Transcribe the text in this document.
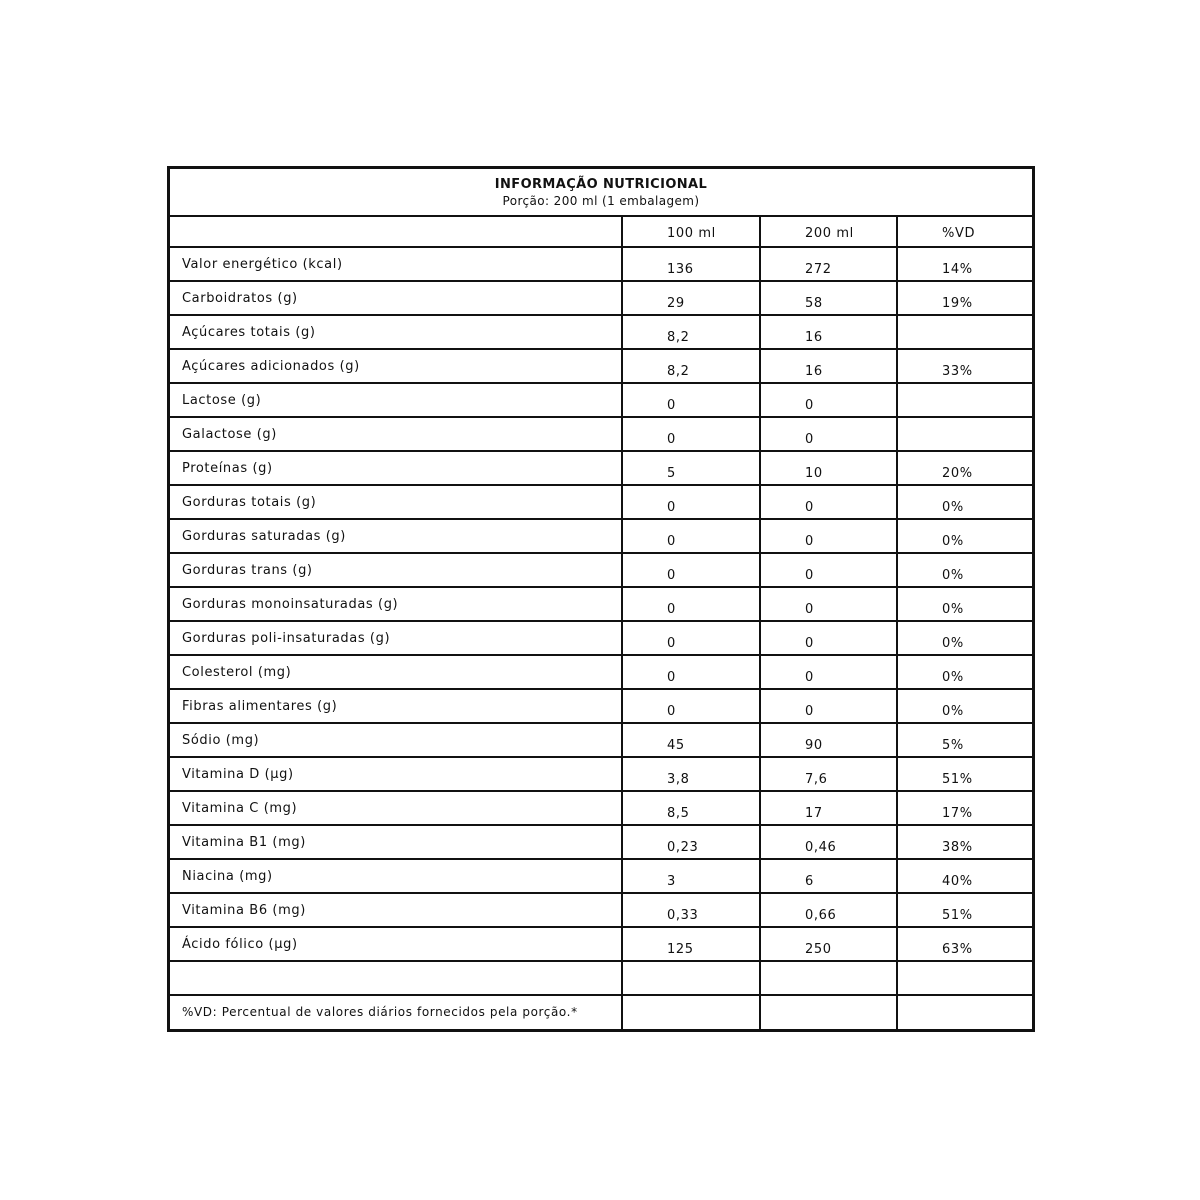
INFORMAÇÃO NUTRICIONAL
Porção: 200 ml (1 embalagem)
	100 ml	200 ml	%VD
Valor energético (kcal)	136	272	14%
Carboidratos (g)	29	58	19%
Açúcares totais (g)	8,2	16	
Açúcares adicionados (g)	8,2	16	33%
Lactose (g)	0	0	
Galactose (g)	0	0	
Proteínas (g)	5	10	20%
Gorduras totais (g)	0	0	0%
Gorduras saturadas (g)	0	0	0%
Gorduras trans (g)	0	0	0%
Gorduras monoinsaturadas (g)	0	0	0%
Gorduras poli-insaturadas (g)	0	0	0%
Colesterol (mg)	0	0	0%
Fibras alimentares (g)	0	0	0%
Sódio (mg)	45	90	5%
Vitamina D (µg)	3,8	7,6	51%
Vitamina C (mg)	8,5	17	17%
Vitamina B1 (mg)	0,23	0,46	38%
Niacina (mg)	3	6	40%
Vitamina B6 (mg)	0,33	0,66	51%
Ácido fólico (µg)	125	250	63%

%VD: Percentual de valores diários fornecidos pela porção.*			
